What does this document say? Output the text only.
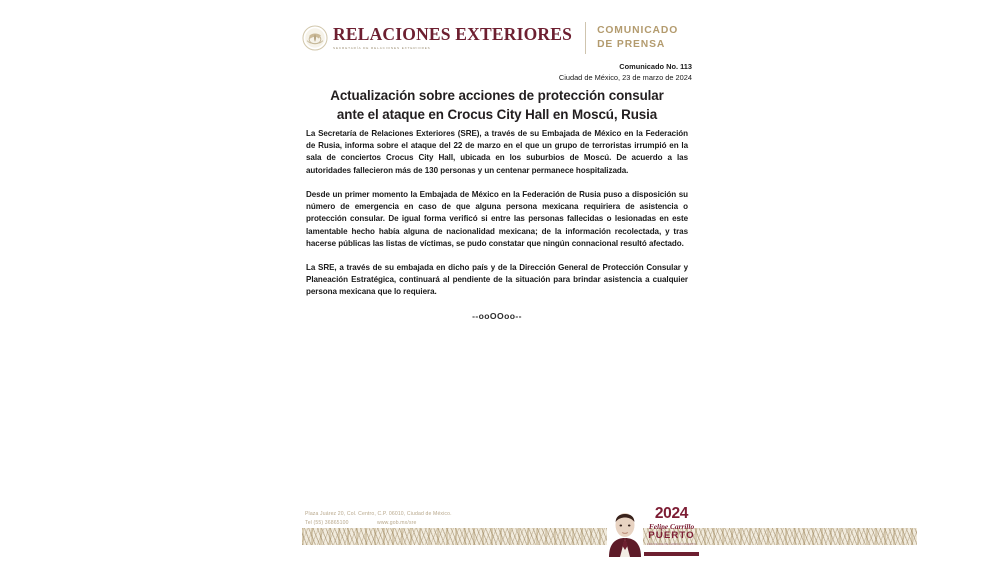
RELACIONES EXTERIORES
SECRETARÍA DE RELACIONES EXTERIORES
COMUNICADO
DE PRENSA
Comunicado No. 113
Ciudad de México, 23 de marzo de 2024
Actualización sobre acciones de protección consular
ante el ataque en Crocus City Hall en Moscú, Rusia

La Secretaría de Relaciones Exteriores (SRE), a través de su Embajada de México en la Federación de Rusia, informa sobre el ataque del 22 de marzo en el que un grupo de terroristas irrumpió en la sala de conciertos Crocus City Hall, ubicada en los suburbios de Moscú. De acuerdo a las autoridades fallecieron más de 130 personas y un centenar permanece hospitalizada.

Desde un primer momento la Embajada de México en la Federación de Rusia puso a disposición su número de emergencia en caso de que alguna persona mexicana requiriera de asistencia o protección consular. De igual forma verificó si entre las personas fallecidas o lesionadas en este lamentable hecho había alguna de nacionalidad mexicana; de la información recolectada, y tras hacerse públicas las listas de víctimas, se pudo constatar que ningún connacional resultó afectado.

La SRE, a través de su embajada en dicho país y de la Dirección General de Protección Consular y Planeación Estratégica, continuará al pendiente de la situación para brindar asistencia a cualquier persona mexicana que lo requiera.

--ooOOoo--
Plaza Juárez 20, Col. Centro, C.P. 06010, Ciudad de México.
Tel (55) 36865100	www.gob.mx/sre
2024
Felipe Carrillo
PUERTO
AÑO DE FELIPE CARRILLO PUERTO
